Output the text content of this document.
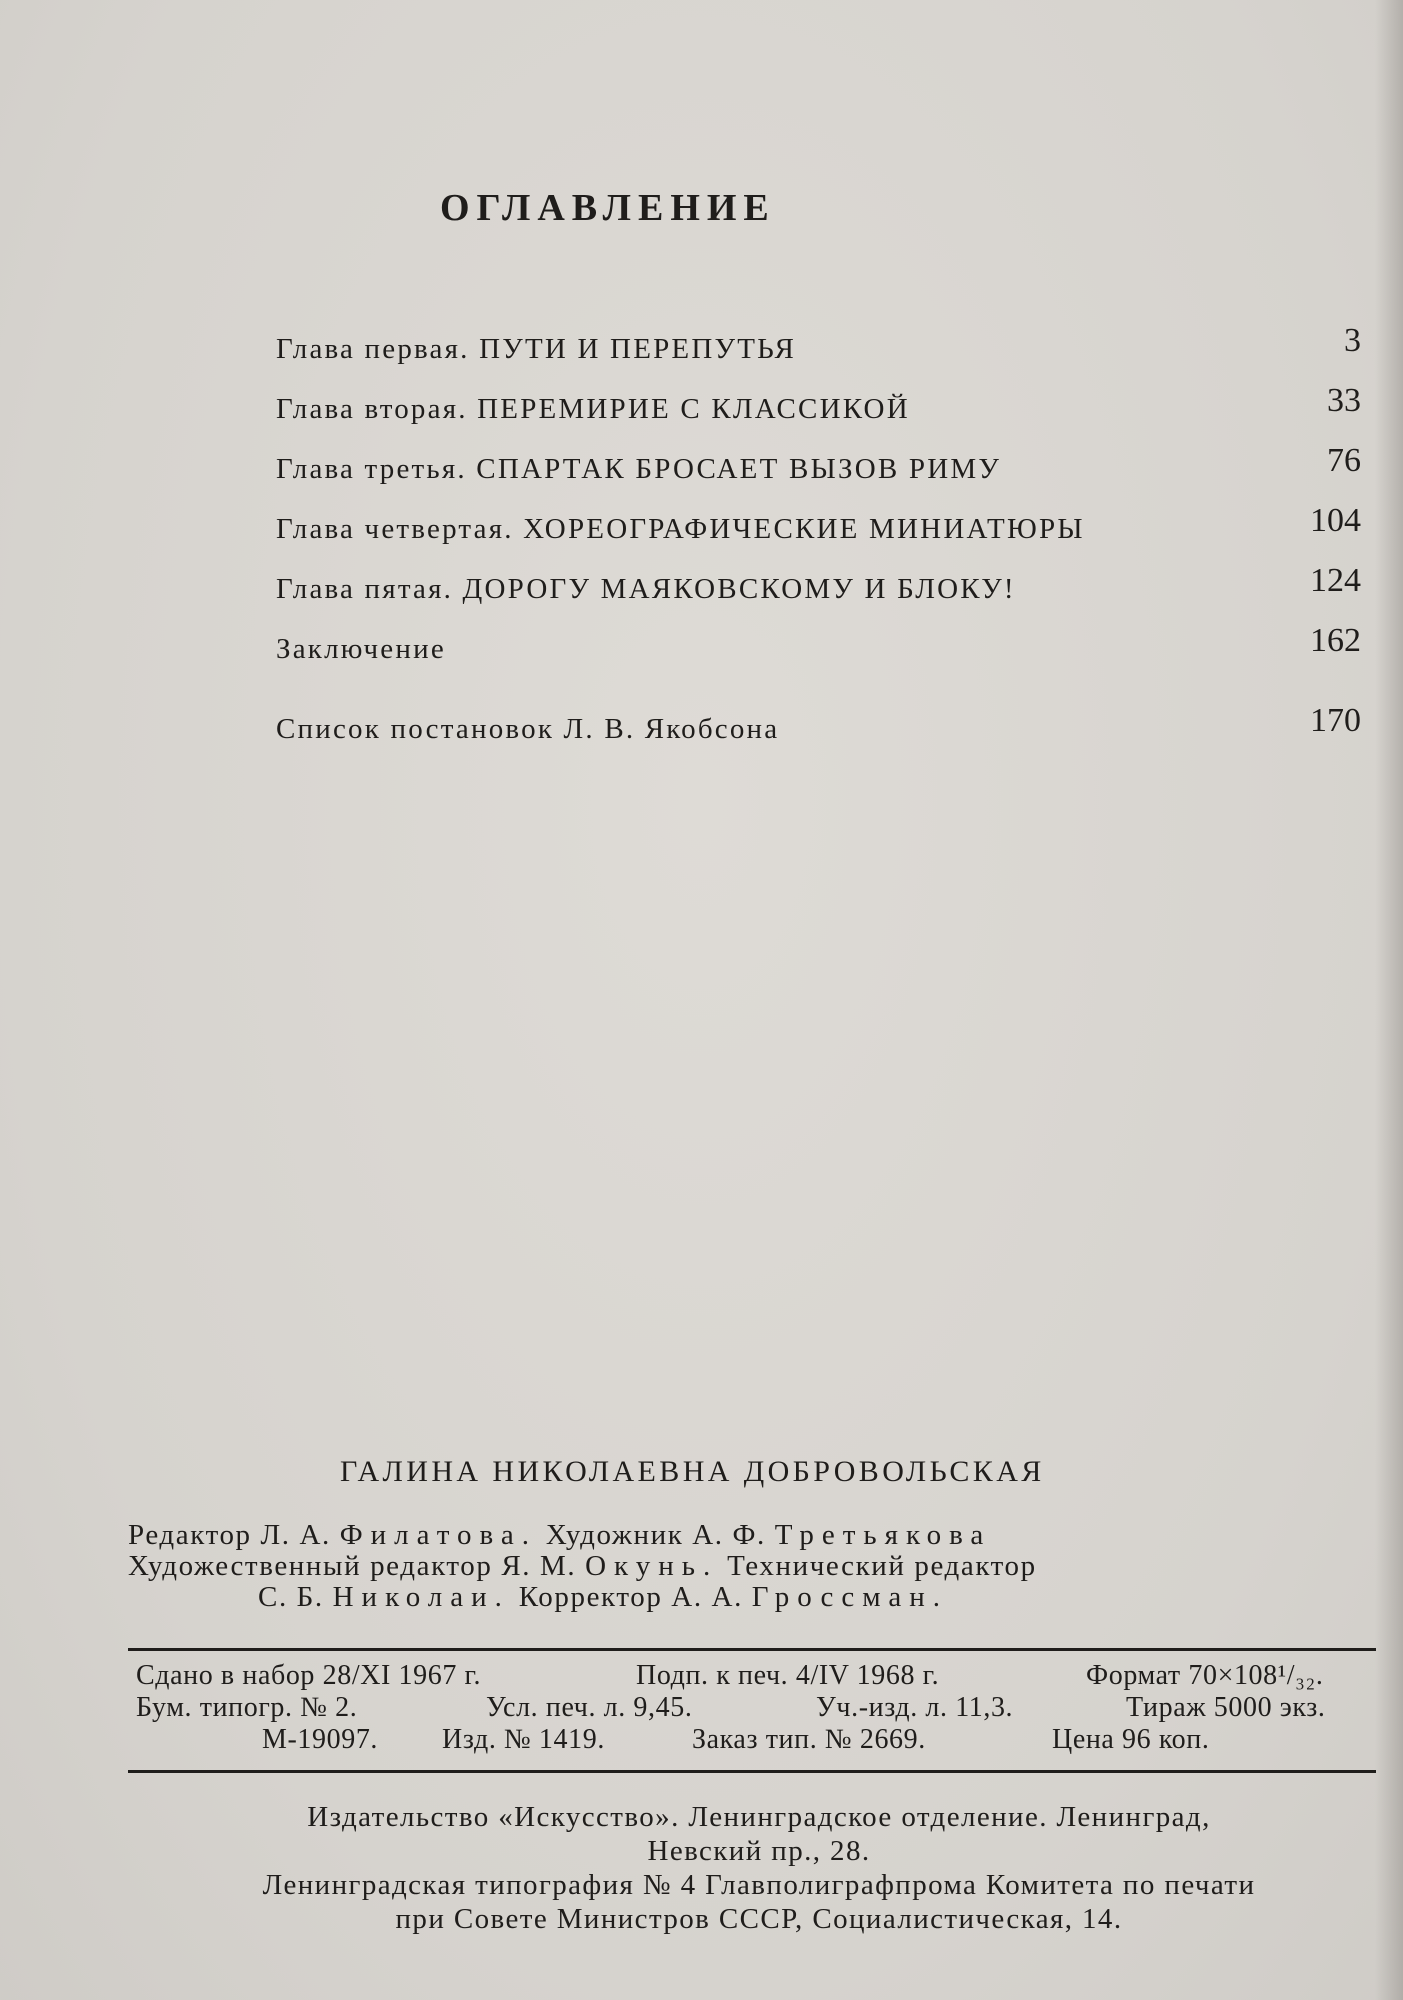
ОГЛАВЛЕНИЕ
Глава первая. ПУТИ И ПЕРЕПУТЬЯ	3
Глава вторая. ПЕРЕМИРИЕ С КЛАССИКОЙ	33
Глава третья. СПАРТАК БРОСАЕТ ВЫЗОВ РИМУ	76
Глава четвертая. ХОРЕОГРАФИЧЕСКИЕ МИНИАТЮРЫ	104
Глава пятая. ДОРОГУ МАЯКОВСКОМУ И БЛОКУ!	124
Заключение	162
Список постановок Л. В. Якобсона	170
ГАЛИНА НИКОЛАЕВНА ДОБРОВОЛЬСКАЯ
Редактор Л. А. Филатова. Художник А. Ф. Третьякова
Художественный редактор Я. М. Окунь. Технический редактор
С. Б. Николаи. Корректор А. А. Гроссман.
Сдано в набор 28/XI 1967 г.	Подп. к печ. 4/IV 1968 г.	Формат 70×108¹/₃₂.
Бум. типогр. № 2.	Усл. печ. л. 9,45.	Уч.-изд. л. 11,3.	Тираж 5000 экз.
М-19097. Изд. № 1419.	Заказ тип. № 2669.	Цена 96 коп.
Издательство «Искусство». Ленинградское отделение. Ленинград,
Невский пр., 28.
Ленинградская типография № 4 Главполиграфпрома Комитета по печати
при Совете Министров СССР, Социалистическая, 14.
